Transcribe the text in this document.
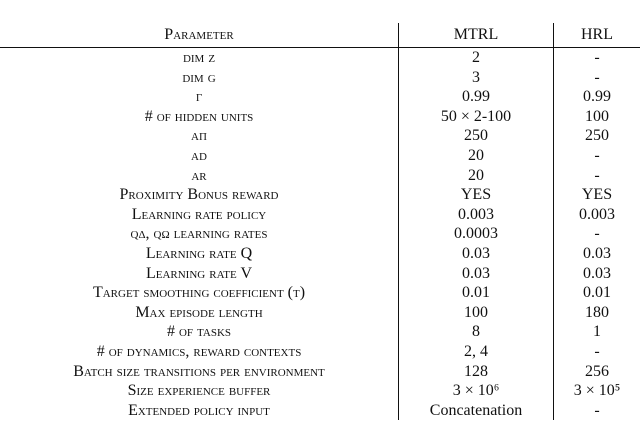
Parameter	MTRL	HRL
dim z	2	-
dim g	3	-
γ	0.99	0.99
# of hidden units	50 × 2-100	100
απ	250	250
αd	20	-
αr	20	-
Proximity Bonus reward	YES	YES
Learning rate policy	0.003	0.003
qδ, qω learning rates	0.0003	-
Learning rate Q	0.03	0.03
Learning rate V	0.03	0.03
Target smoothing coefficient (τ)	0.01	0.01
Max episode length	100	180
# of tasks	8	1
# of dynamics, reward contexts	2, 4	-
Batch size transitions per environment	128	256
Size experience buffer	3 × 10⁶	3 × 10⁵
Extended policy input	Concatenation	-
